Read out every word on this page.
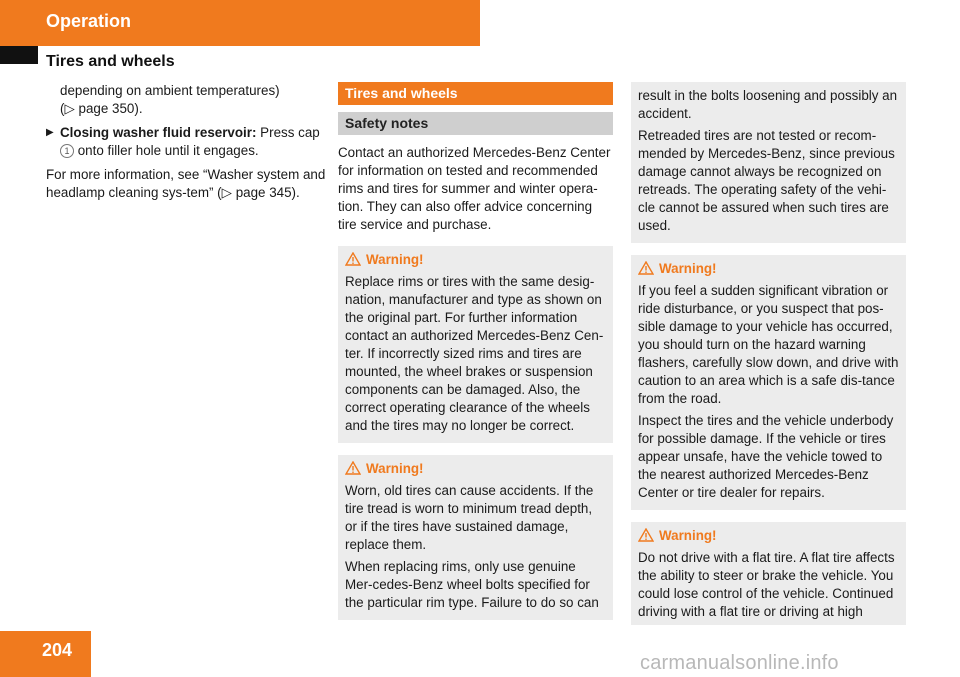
Operation
Tires and wheels

depending on ambient temperatures)
(▷ page 350).

▶ Closing washer fluid reservoir: Press cap
1 onto filler hole until it engages.

For more information, see “Washer system and headlamp cleaning sys-tem” (▷ page 345).

Tires and wheels
Safety notes

Contact an authorized Mercedes-Benz Center for information on tested and recommended rims and tires for summer and winter opera-tion. They can also offer advice concerning tire service and purchase.

Warning!

Replace rims or tires with the same desig-nation, manufacturer and type as shown on the original part. For further information contact an authorized Mercedes-Benz Cen-ter. If incorrectly sized rims and tires are mounted, the wheel brakes or suspension components can be damaged. Also, the correct operating clearance of the wheels and the tires may no longer be correct.

Warning!

Worn, old tires can cause accidents. If the tire tread is worn to minimum tread depth, or if the tires have sustained damage, replace them.

When replacing rims, only use genuine Mer-cedes-Benz wheel bolts specified for the particular rim type. Failure to do so can

result in the bolts loosening and possibly an accident.

Retreaded tires are not tested or recom-mended by Mercedes-Benz, since previous damage cannot always be recognized on retreads. The operating safety of the vehi-cle cannot be assured when such tires are used.

Warning!

If you feel a sudden significant vibration or ride disturbance, or you suspect that pos-sible damage to your vehicle has occurred, you should turn on the hazard warning flashers, carefully slow down, and drive with caution to an area which is a safe dis-tance from the road.

Inspect the tires and the vehicle underbody for possible damage. If the vehicle or tires appear unsafe, have the vehicle towed to the nearest authorized Mercedes-Benz Center or tire dealer for repairs.

Warning!

Do not drive with a flat tire. A flat tire affects the ability to steer or brake the vehicle. You could lose control of the vehicle. Continued driving with a flat tire or driving at high

204
carmanualsonline.info
